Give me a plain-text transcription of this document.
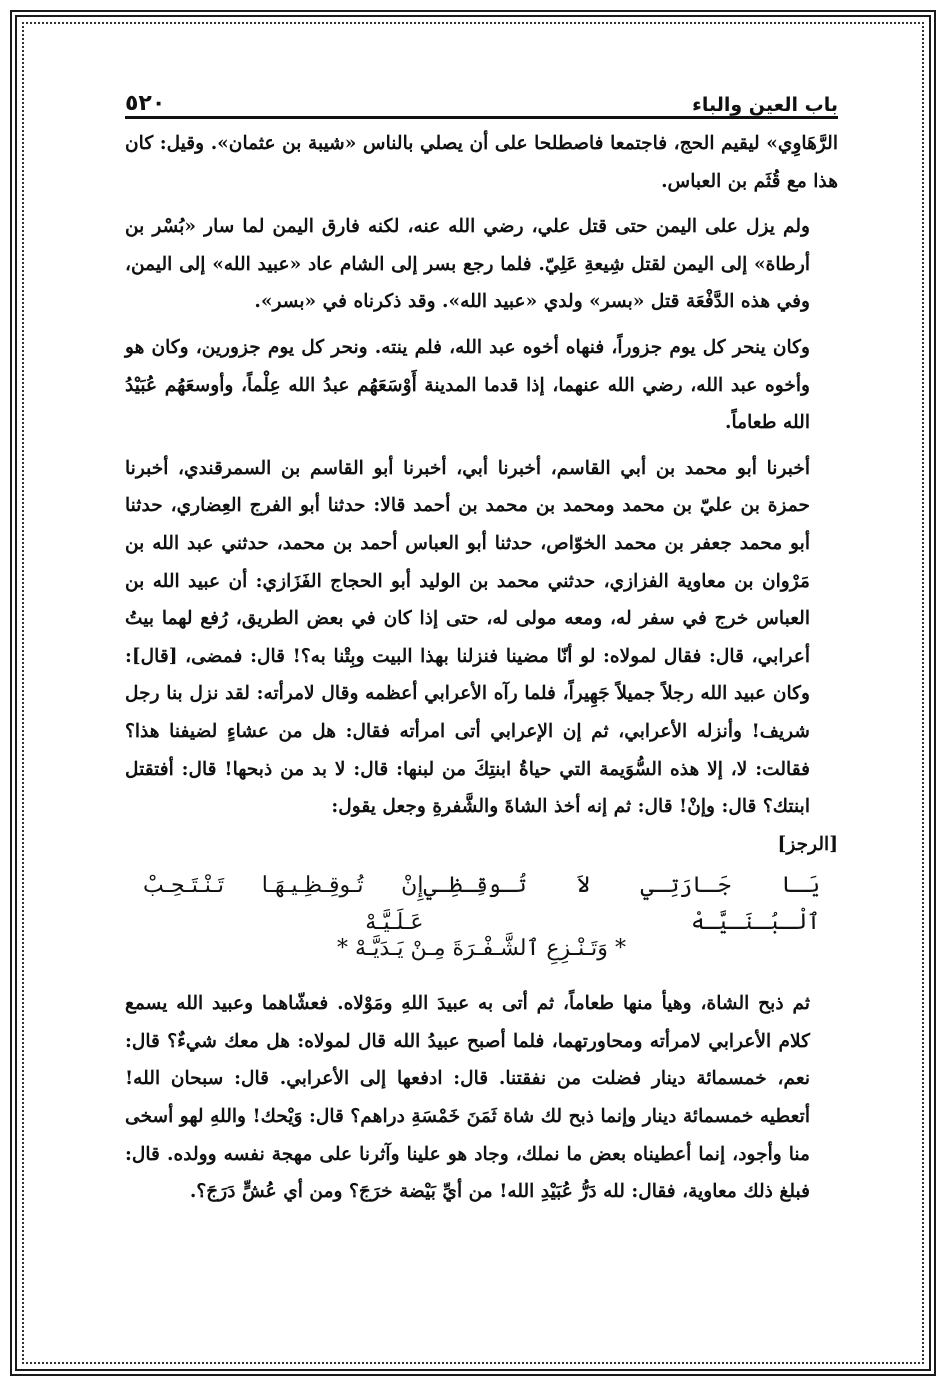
باب العين والباء
٥٢٠

الرَّهَاوِي» ليقيم الحج، فاجتمعا فاصطلحا على أن يصلي بالناس «شيبة بن عثمان». وقيل: كان هذا مع قُثَم بن العباس.

ولم يزل على اليمن حتى قتل علي، رضي الله عنه، لكنه فارق اليمن لما سار «بُسْر بن أرطاة» إلى اليمن لقتل شِيعةِ عَلِيّ. فلما رجع بسر إلى الشام عاد «عبيد الله» إلى اليمن، وفي هذه الدَّفْعَة قتل «بسر» ولدي «عبيد الله». وقد ذكرناه في «بسر».

وكان ينحر كل يوم جزوراً، فنهاه أخوه عبد الله، فلم ينته. ونحر كل يوم جزورين، وكان هو وأخوه عبد الله، رضي الله عنهما، إذا قدما المدينة أَوْسَعَهُم عبدُ الله عِلْماً، وأوسعَهُم عُبَيْدُ الله طعاماً.

أخبرنا أبو محمد بن أبي القاسم، أخبرنا أبي، أخبرنا أبو القاسم بن السمرقندي، أخبرنا حمزة بن عليّ بن محمد ومحمد بن محمد بن أحمد قالا: حدثنا أبو الفرج العِضاري، حدثنا أبو محمد جعفر بن محمد الخوّاص، حدثنا أبو العباس أحمد بن محمد، حدثني عبد الله بن مَرْوان بن معاوية الفزازي، حدثني محمد بن الوليد أبو الحجاج الفَزَازي: أن عبيد الله بن العباس خرج في سفر له، ومعه مولى له، حتى إذا كان في بعض الطريق، رُفع لهما بيتُ أعرابي، قال: فقال لمولاه: لو أنّا مضينا فنزلنا بهذا البيت وبِتْنا به؟! قال: فمضى، [قال]: وكان عبيد الله رجلاً جميلاً جَهِيراً، فلما رآه الأعرابي أعظمه وقال لامرأته: لقد نزل بنا رجل شريف! وأنزله الأعرابي، ثم إن الإعرابي أتى امرأته فقال: هل من عشاءٍ لضيفنا هذا؟ فقالت: لا، إلا هذه السُّوَيمة التي حياةُ ابنتِكَ من لبنها: قال: لا بد من ذبحها! قال: أفتقتل ابنتك؟ قال: وإنْ! قال: ثم إنه أخذ الشاةَ والشَّفرةِ وجعل يقول:

[الرجز]

يَـا جَـارَتِـي لاَ تُـوقِـظِـي ٱلْـبُـنَـيَّـهْ
إِنْ تُـوقِـظِـيـهَـا تَـنْـتَـحِـبْ عَـلَـيَّـهْ
* وَتَـنْـزِعِ ٱلشَّـفْـرَةَ مِـنْ يَـدَيَّـهْ *

ثم ذبح الشاة، وهيأ منها طعاماً، ثم أتى به عبيدَ اللهِ ومَوْلاه. فعشّاهما وعبيد الله يسمع كلام الأعرابي لامرأته ومحاورتهما، فلما أصبح عبيدُ الله قال لمولاه: هل معك شيءٌ؟ قال: نعم، خمسمائة دينار فضلت من نفقتنا. قال: ادفعها إلى الأعرابي. قال: سبحان الله! أتعطيه خمسمائة دينار وإنما ذبح لك شاة ثَمَنَ خَمْسَةِ دراهم؟ قال: وَيْحك! واللهِ لهو أسخى منا وأجود، إنما أعطيناه بعض ما نملك، وجاد هو علينا وآثرنا على مهجة نفسه وولده. قال: فبلغ ذلك معاوية، فقال: لله دَرُّ عُبَيْدِ الله! من أيِّ بَيْضة خرَجَ؟ ومن أي عُشٍّ دَرَجَ؟.
